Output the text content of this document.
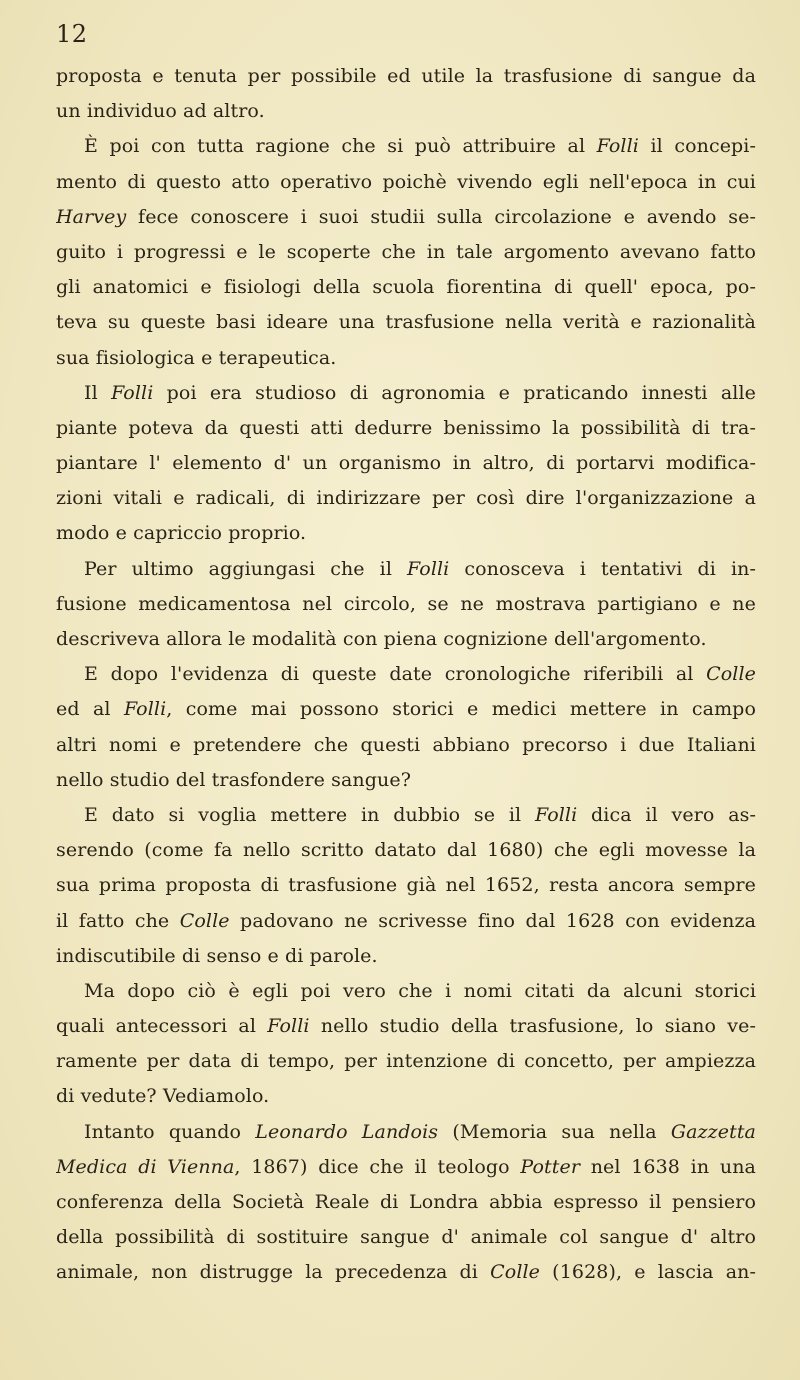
12
proposta e tenuta per possibile ed utile la trasfusione di sangue da
un individuo ad altro.
È poi con tutta ragione che si può attribuire al Folli il concepi-
mento di questo atto operativo poichè vivendo egli nell'epoca in cui
Harvey fece conoscere i suoi studii sulla circolazione e avendo se-
guito i progressi e le scoperte che in tale argomento avevano fatto
gli anatomici e fisiologi della scuola fiorentina di quell' epoca, po-
teva su queste basi ideare una trasfusione nella verità e razionalità
sua fisiologica e terapeutica.
Il Folli poi era studioso di agronomia e praticando innesti alle
piante poteva da questi atti dedurre benissimo la possibilità di tra-
piantare l' elemento d' un organismo in altro, di portarvi modifica-
zioni vitali e radicali, di indirizzare per così dire l'organizzazione a
modo e capriccio proprio.
Per ultimo aggiungasi che il Folli conosceva i tentativi di in-
fusione medicamentosa nel circolo, se ne mostrava partigiano e ne
descriveva allora le modalità con piena cognizione dell'argomento.
E dopo l'evidenza di queste date cronologiche riferibili al Colle
ed al Folli, come mai possono storici e medici mettere in campo
altri nomi e pretendere che questi abbiano precorso i due Italiani
nello studio del trasfondere sangue?
E dato si voglia mettere in dubbio se il Folli dica il vero as-
serendo (come fa nello scritto datato dal 1680) che egli movesse la
sua prima proposta di trasfusione già nel 1652, resta ancora sempre
il fatto che Colle padovano ne scrivesse fino dal 1628 con evidenza
indiscutibile di senso e di parole.
Ma dopo ciò è egli poi vero che i nomi citati da alcuni storici
quali antecessori al Folli nello studio della trasfusione, lo siano ve-
ramente per data di tempo, per intenzione di concetto, per ampiezza
di vedute? Vediamolo.
Intanto quando Leonardo Landois (Memoria sua nella Gazzetta
Medica di Vienna, 1867) dice che il teologo Potter nel 1638 in una
conferenza della Società Reale di Londra abbia espresso il pensiero
della possibilità di sostituire sangue d' animale col sangue d' altro
animale, non distrugge la precedenza di Colle (1628), e lascia an-
